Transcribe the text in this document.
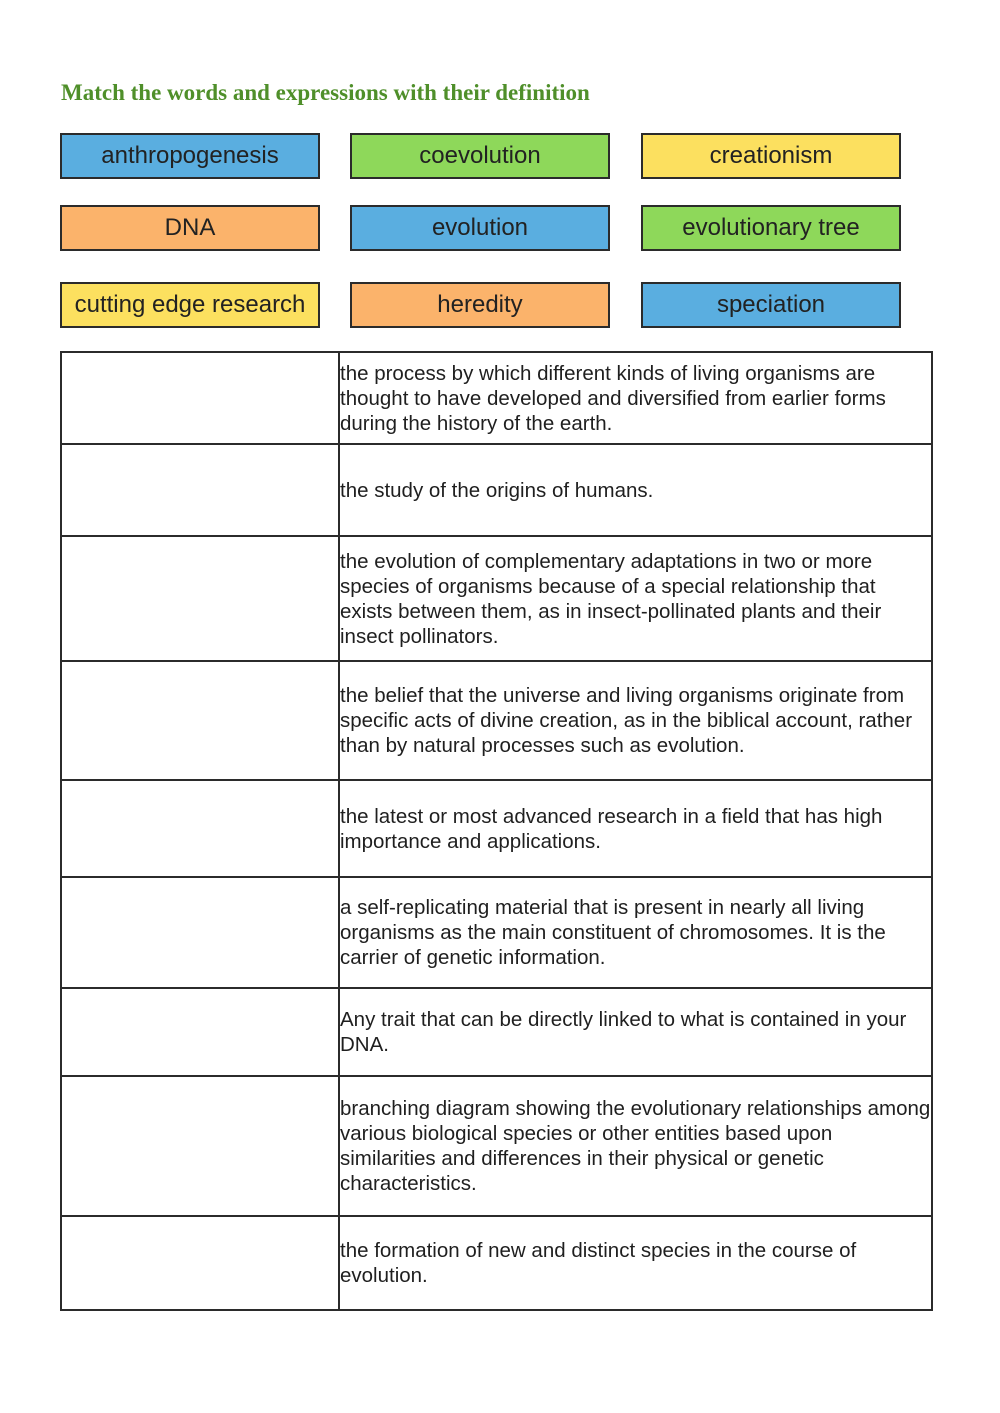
Match the words and expressions with their definition
anthropogenesis	coevolution	creationism
DNA	evolution	evolutionary tree
cutting edge research	heredity	speciation
	the process by which different kinds of living organisms are thought to have developed and diversified from earlier forms during the history of the earth.
	the study of the origins of humans.
	the evolution of complementary adaptations in two or more species of organisms because of a special relationship that exists between them, as in insect-pollinated plants and their insect pollinators.
	the belief that the universe and living organisms originate from specific acts of divine creation, as in the biblical account, rather than by natural processes such as evolution.
	the latest or most advanced research in a field that has high importance and applications.
	a self-replicating material that is present in nearly all living organisms as the main constituent of chromosomes. It is the carrier of genetic information.
	Any trait that can be directly linked to what is contained in your DNA.
	branching diagram showing the evolutionary relationships among various biological species or other entities based upon similarities and differences in their physical or genetic characteristics.
	the formation of new and distinct species in the course of evolution.
